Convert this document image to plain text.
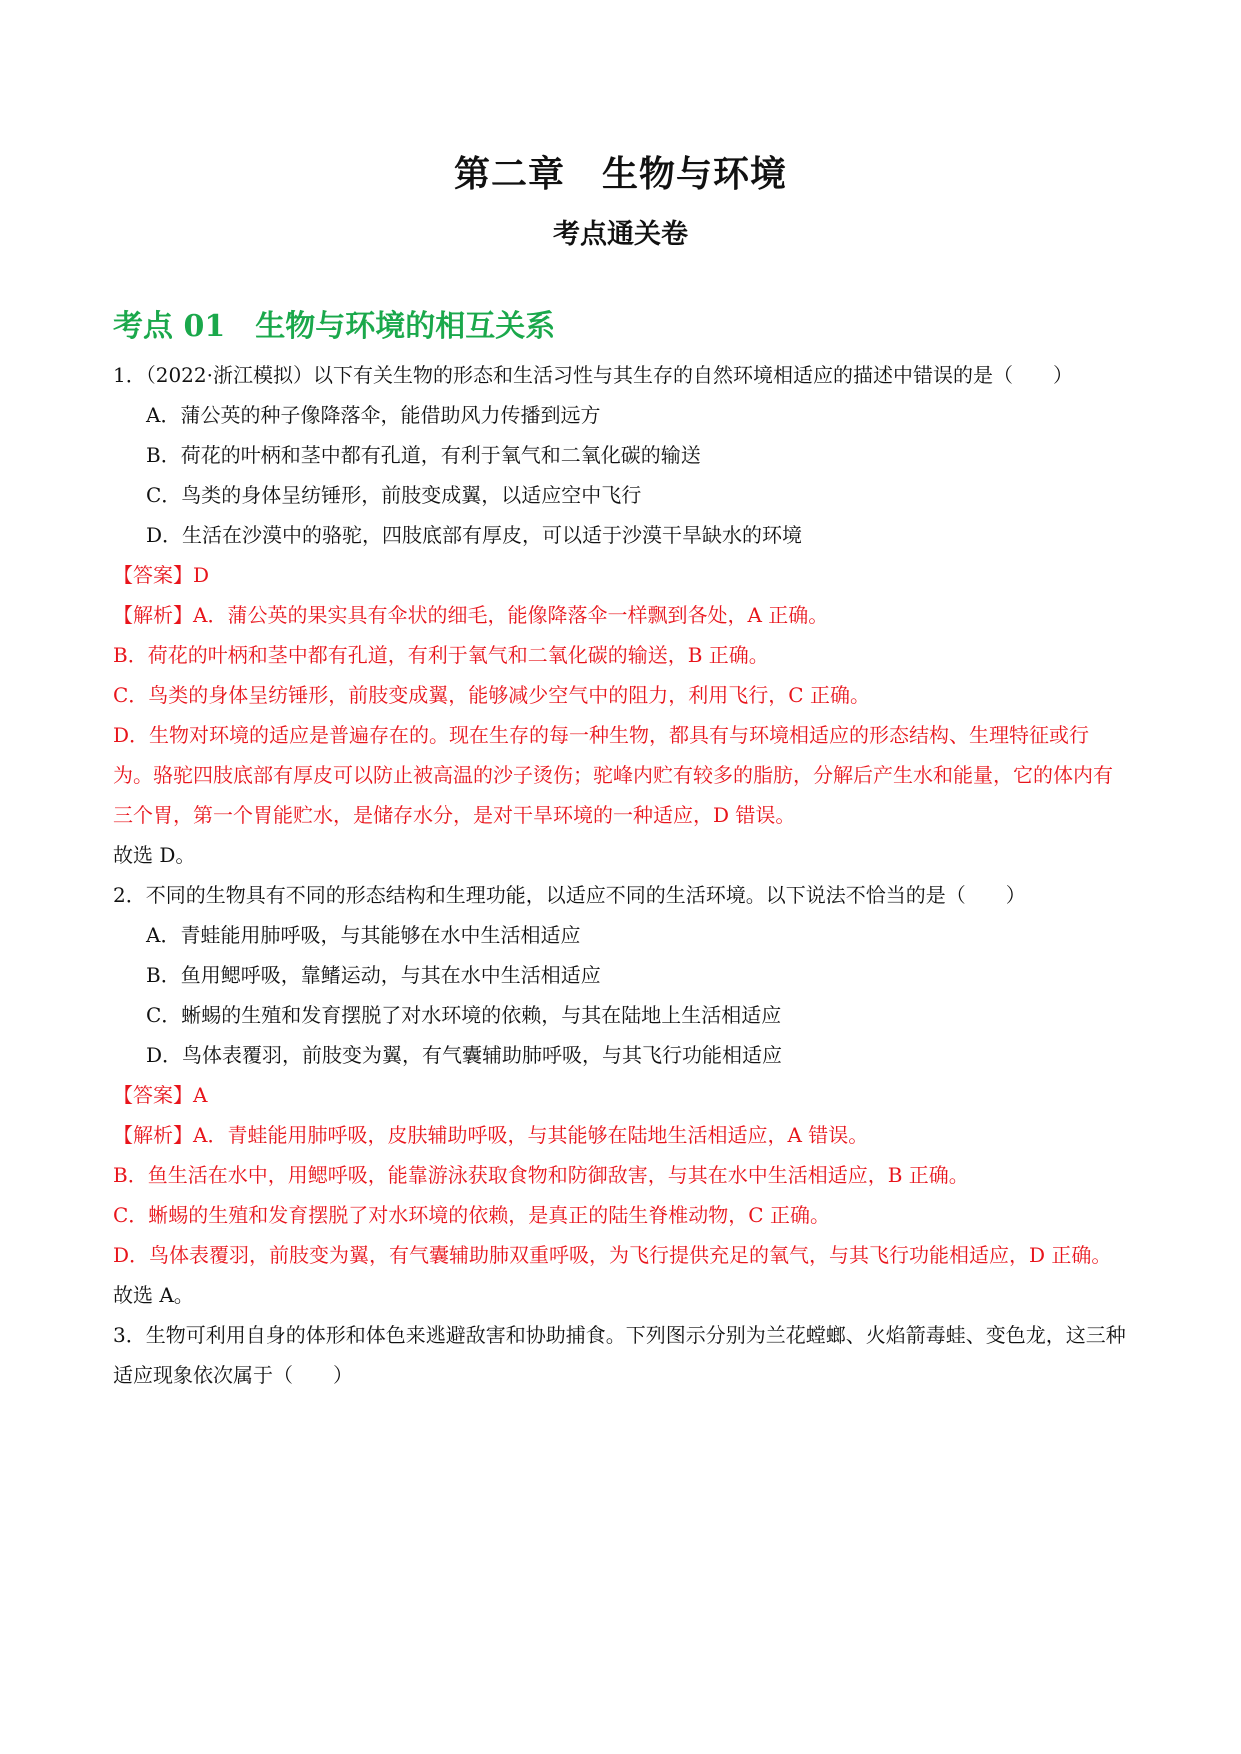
第二章　生物与环境
考点通关卷
考点 01　生物与环境的相互关系

1．（2022·浙江模拟）以下有关生物的形态和生活习性与其生存的自然环境相适应的描述中错误的是（　　）

A．蒲公英的种子像降落伞，能借助风力传播到远方

B．荷花的叶柄和茎中都有孔道，有利于氧气和二氧化碳的输送

C．鸟类的身体呈纺锤形，前肢变成翼，以适应空中飞行

D．生活在沙漠中的骆驼，四肢底部有厚皮，可以适于沙漠干旱缺水的环境

【答案】D

【解析】A．蒲公英的果实具有伞状的细毛，能像降落伞一样飘到各处，A 正确。

B．荷花的叶柄和茎中都有孔道，有利于氧气和二氧化碳的输送，B 正确。

C．鸟类的身体呈纺锤形，前肢变成翼，能够减少空气中的阻力，利用飞行，C 正确。

D．生物对环境的适应是普遍存在的。现在生存的每一种生物，都具有与环境相适应的形态结构、生理特征或行为。骆驼四肢底部有厚皮可以防止被高温的沙子烫伤；驼峰内贮有较多的脂肪，分解后产生水和能量，它的体内有三个胃，第一个胃能贮水，是储存水分，是对干旱环境的一种适应，D 错误。

故选 D。

2．不同的生物具有不同的形态结构和生理功能，以适应不同的生活环境。以下说法不恰当的是（　　）

A．青蛙能用肺呼吸，与其能够在水中生活相适应

B．鱼用鳃呼吸，靠鳍运动，与其在水中生活相适应

C．蜥蜴的生殖和发育摆脱了对水环境的依赖，与其在陆地上生活相适应

D．鸟体表覆羽，前肢变为翼，有气囊辅助肺呼吸，与其飞行功能相适应

【答案】A

【解析】A．青蛙能用肺呼吸，皮肤辅助呼吸，与其能够在陆地生活相适应，A 错误。

B．鱼生活在水中，用鳃呼吸，能靠游泳获取食物和防御敌害，与其在水中生活相适应，B 正确。

C．蜥蜴的生殖和发育摆脱了对水环境的依赖，是真正的陆生脊椎动物，C 正确。

D．鸟体表覆羽，前肢变为翼，有气囊辅助肺双重呼吸，为飞行提供充足的氧气，与其飞行功能相适应，D 正确。

故选 A。

3．生物可利用自身的体形和体色来逃避敌害和协助捕食。下列图示分别为兰花螳螂、火焰箭毒蛙、变色龙，这三种适应现象依次属于（　　）
